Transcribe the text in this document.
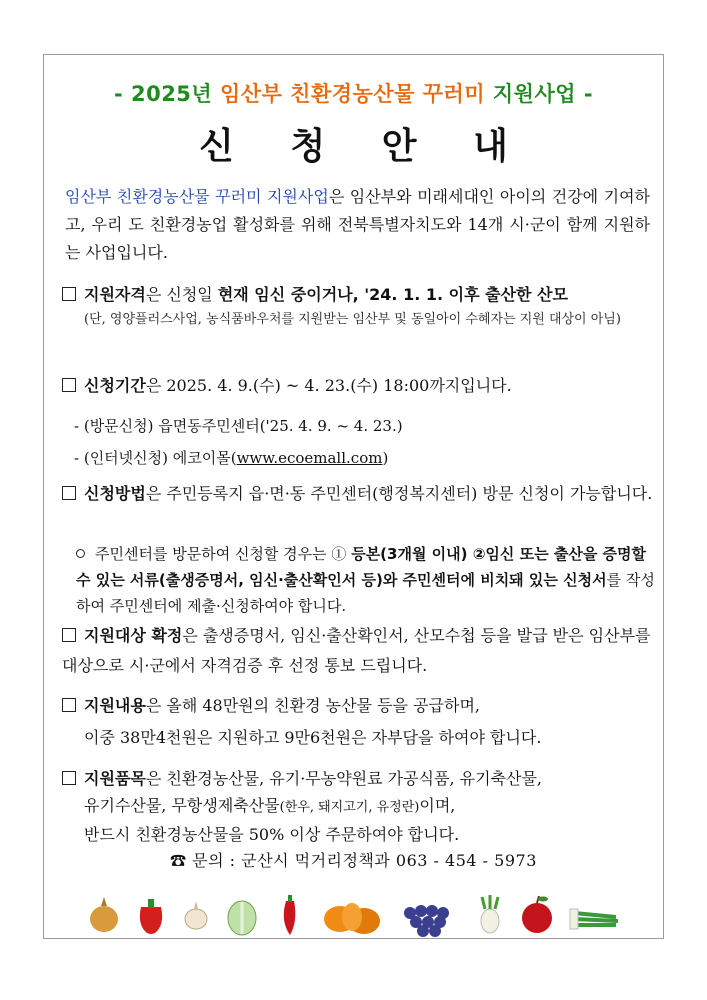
- 2025년 임산부 친환경농산물 꾸러미 지원사업 -
신 청 안 내
임산부 친환경농산물 꾸러미 지원사업은 임산부와 미래세대인 아이의 건강에 기여하고, 우리 도 친환경농업 활성화를 위해 전북특별자치도와 14개 시·군이 함께 지원하는 사업입니다.
지원자격은 신청일 현재 임신 중이거나, '24. 1. 1. 이후 출산한 산모
(단, 영양플러스사업, 농식품바우처를 지원받는 임산부 및 동일아이 수혜자는 지원 대상이 아님)
신청기간은 2025. 4. 9.(수) ~ 4. 23.(수) 18:00까지입니다.
- (방문신청) 읍면동주민센터('25. 4. 9. ~ 4. 23.)
- (인터넷신청) 에코이몰(www.ecoemall.com)
신청방법은 주민등록지 읍·면·동 주민센터(행정복지센터) 방문 신청이 가능합니다.
주민센터를 방문하여 신청할 경우는 ① 등본(3개월 이내) ②임신 또는 출산을 증명할 수 있는 서류(출생증명서, 임신·출산확인서 등)와 주민센터에 비치돼 있는 신청서를 작성하여 주민센터에 제출·신청하여야 합니다.
지원대상 확정은 출생증명서, 임신·출산확인서, 산모수첩 등을 발급 받은 임산부를 대상으로 시·군에서 자격검증 후 선정 통보 드립니다.
지원내용은 올해 48만원의 친환경 농산물 등을 공급하며,
이중 38만4천원은 지원하고 9만6천원은 자부담을 하여야 합니다.
지원품목은 친환경농산물, 유기·무농약원료 가공식품, 유기축산물,
유기수산물, 무항생제축산물(한우, 돼지고기, 유정란)이며,
반드시 친환경농산물을 50% 이상 주문하여야 합니다.
☎ 문의 : 군산시 먹거리정책과 063 - 454 - 5973
